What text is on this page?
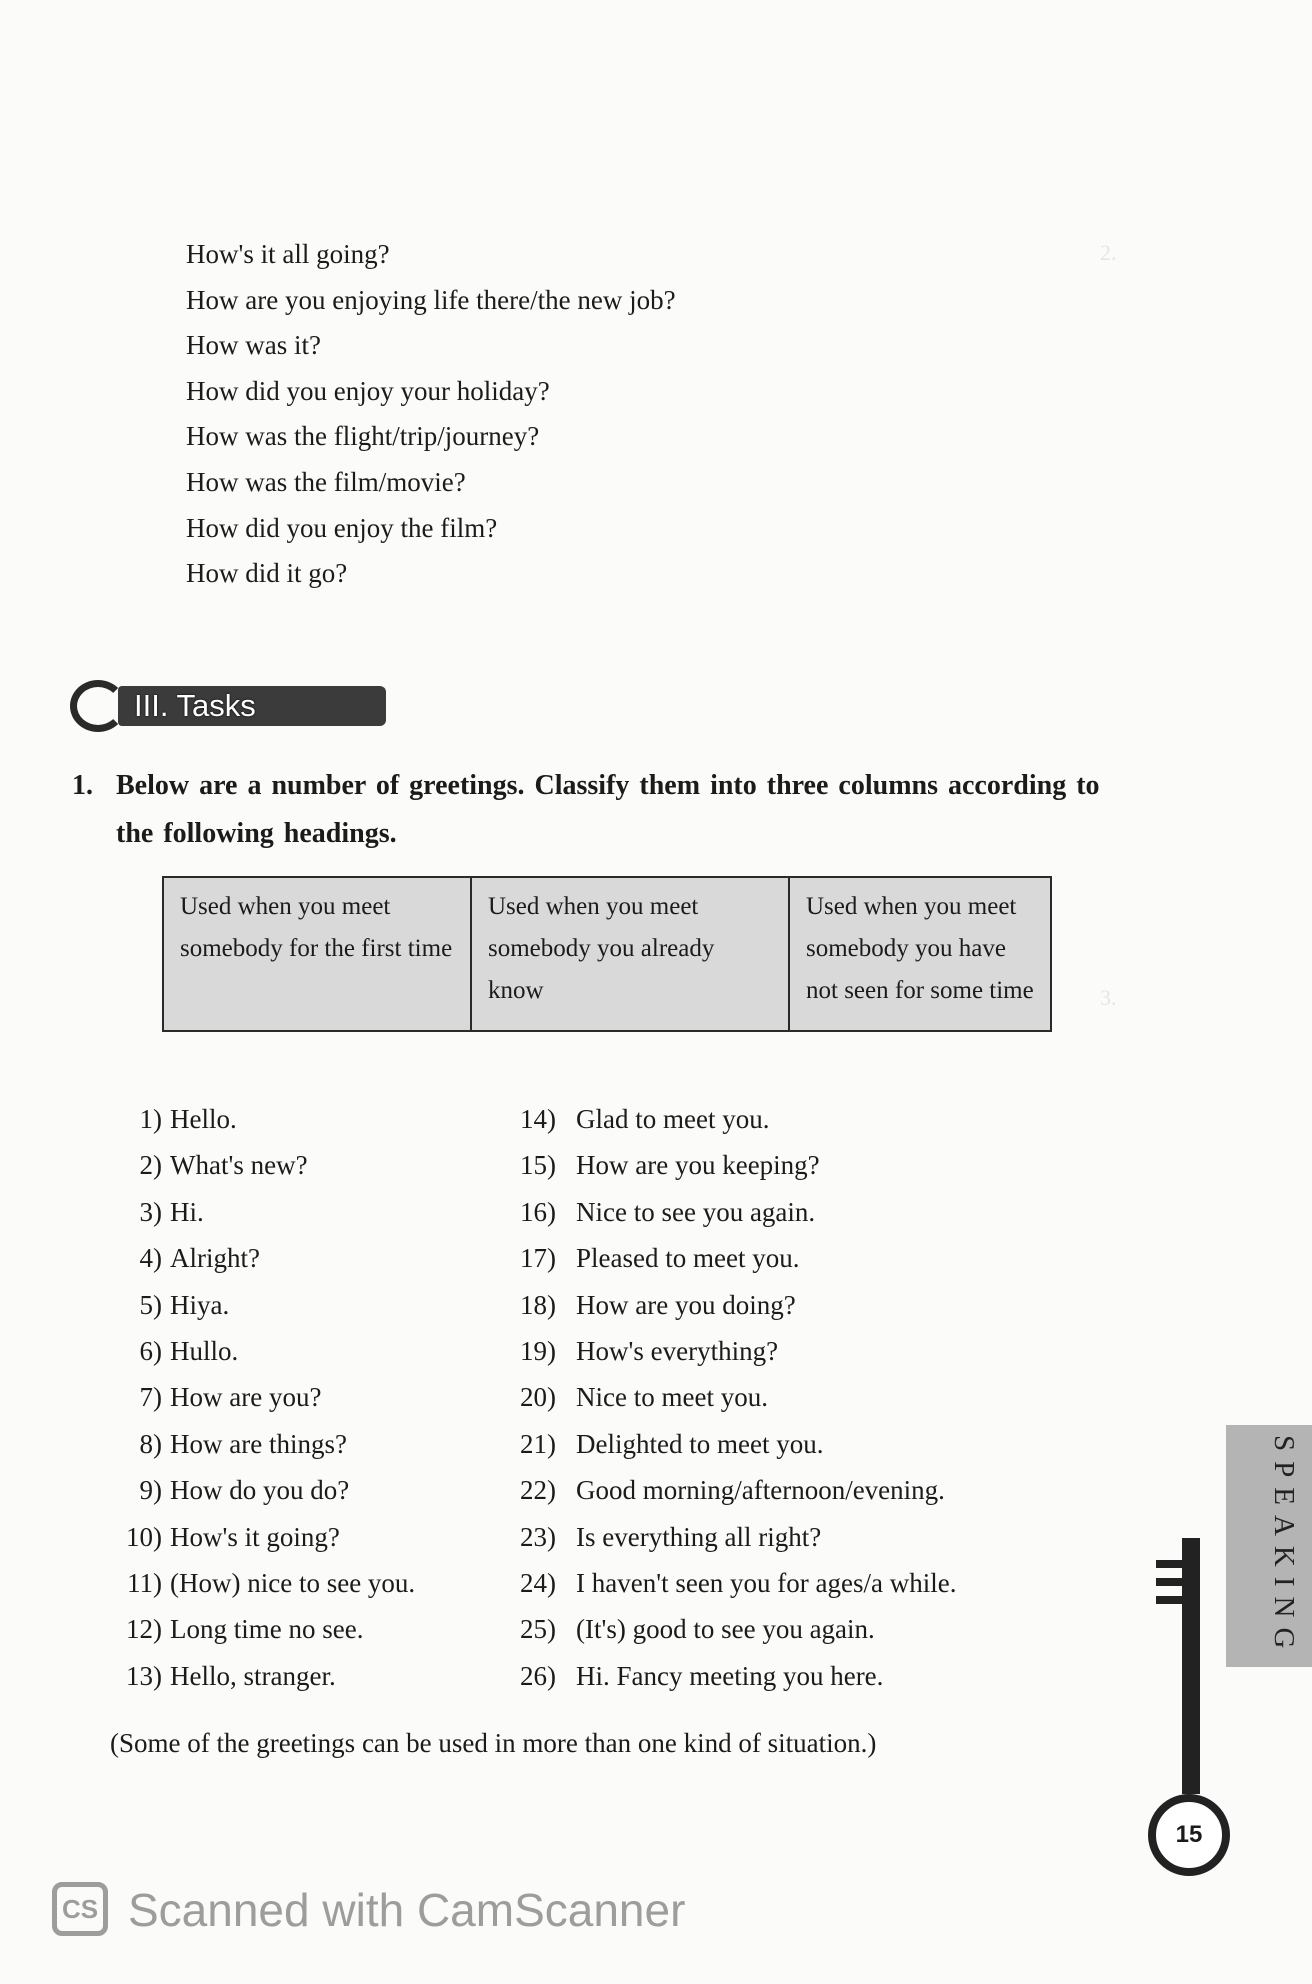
2.
3.
How's it all going?
How are you enjoying life there/the new job?
How was it?
How did you enjoy your holiday?
How was the flight/trip/journey?
How was the film/movie?
How did you enjoy the film?
How did it go?
III. Tasks
1. Below are a number of greetings. Classify them into three columns according to the following headings.
Used when you meet somebody for the first time	Used when you meet somebody you already know	Used when you meet somebody you have not seen for some time
1) Hello.
2) What's new?
3) Hi.
4) Alright?
5) Hiya.
6) Hullo.
7) How are you?
8) How are things?
9) How do you do?
10) How's it going?
11) (How) nice to see you.
12) Long time no see.
13) Hello, stranger.
14) Glad to meet you.
15) How are you keeping?
16) Nice to see you again.
17) Pleased to meet you.
18) How are you doing?
19) How's everything?
20) Nice to meet you.
21) Delighted to meet you.
22) Good morning/afternoon/evening.
23) Is everything all right?
24) I haven't seen you for ages/a while.
25) (It's) good to see you again.
26) Hi. Fancy meeting you here.
(Some of the greetings can be used in more than one kind of situation.)
SPEAKING
15
CS Scanned with CamScanner
